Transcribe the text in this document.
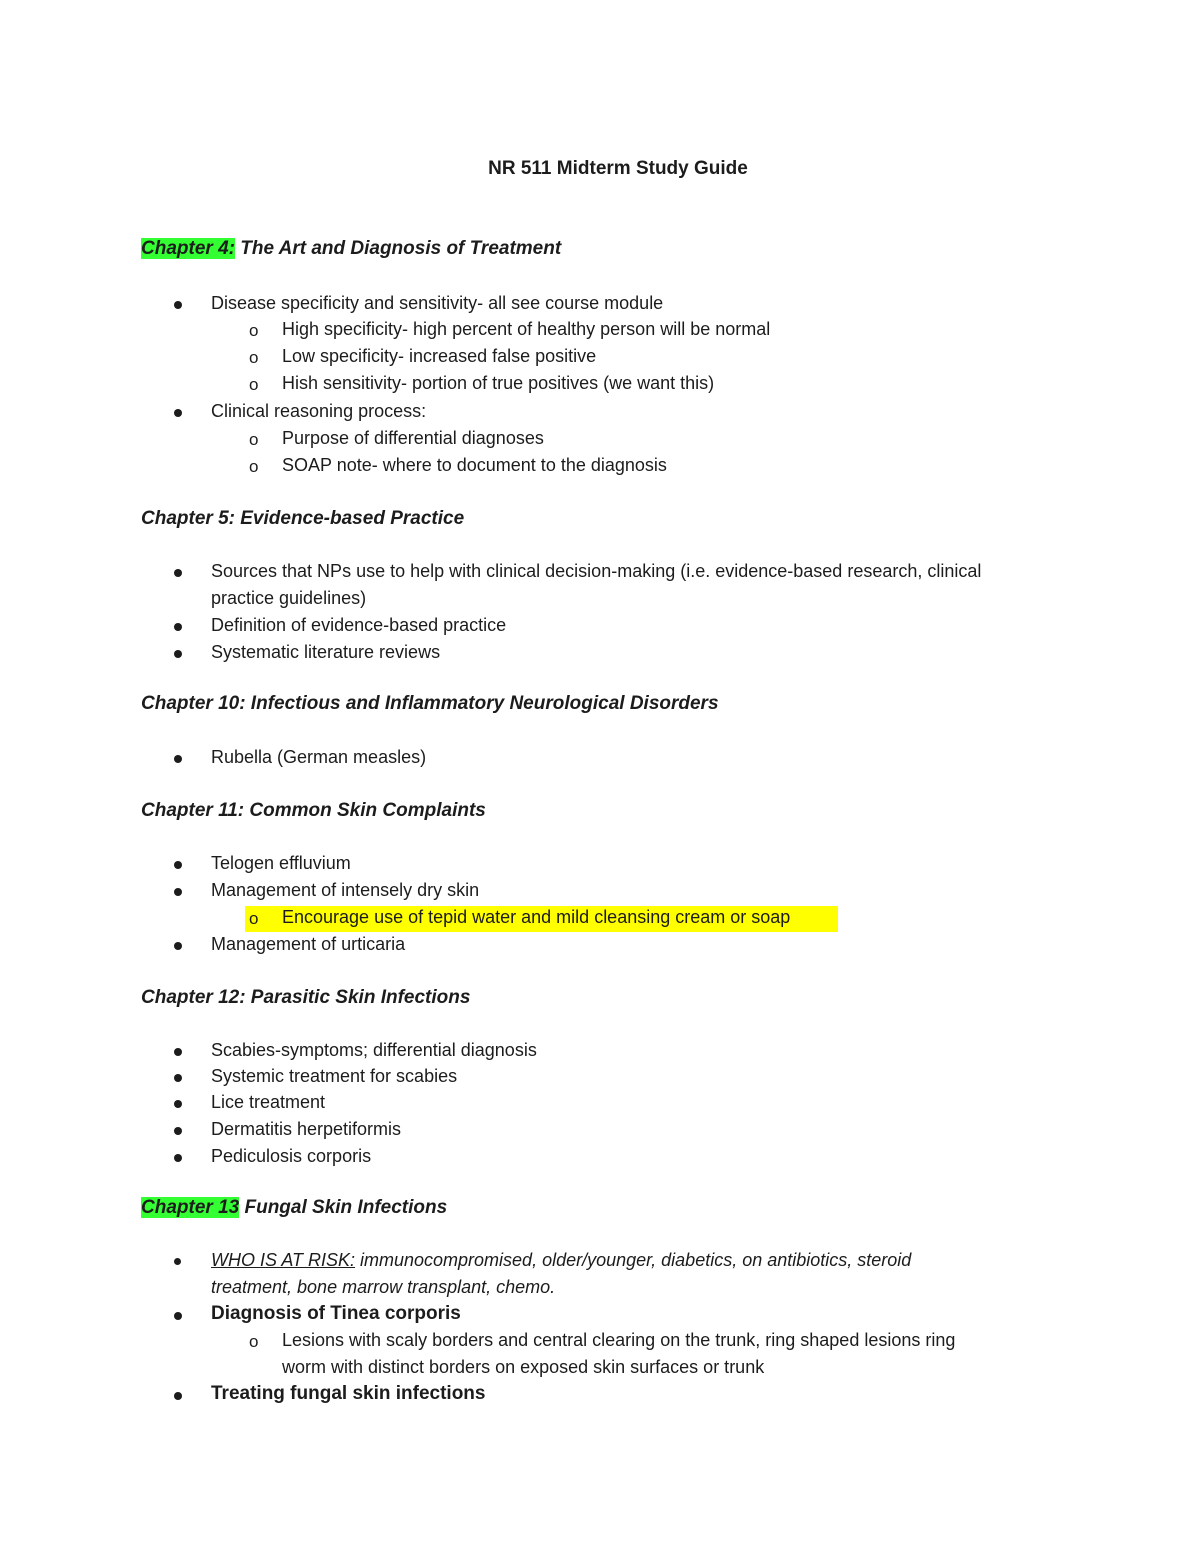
NR 511 Midterm Study Guide
Chapter 4: The Art and Diagnosis of Treatment
Disease specificity and sensitivity- all see course module
o High specificity- high percent of healthy person will be normal
o Low specificity- increased false positive
o Hish sensitivity- portion of true positives (we want this)
Clinical reasoning process:
o Purpose of differential diagnoses
o SOAP note- where to document to the diagnosis
Chapter 5: Evidence-based Practice
Sources that NPs use to help with clinical decision-making (i.e. evidence-based research, clinical
practice guidelines)
Definition of evidence-based practice
Systematic literature reviews
Chapter 10: Infectious and Inflammatory Neurological Disorders
Rubella (German measles)
Chapter 11: Common Skin Complaints
Telogen effluvium
Management of intensely dry skin
o Encourage use of tepid water and mild cleansing cream or soap
Management of urticaria
Chapter 12: Parasitic Skin Infections
Scabies-symptoms; differential diagnosis
Systemic treatment for scabies
Lice treatment
Dermatitis herpetiformis
Pediculosis corporis
Chapter 13 Fungal Skin Infections
WHO IS AT RISK: immunocompromised, older/younger, diabetics, on antibiotics, steroid
treatment, bone marrow transplant, chemo.
Diagnosis of Tinea corporis
o Lesions with scaly borders and central clearing on the trunk, ring shaped lesions ring
worm with distinct borders on exposed skin surfaces or trunk
Treating fungal skin infections
